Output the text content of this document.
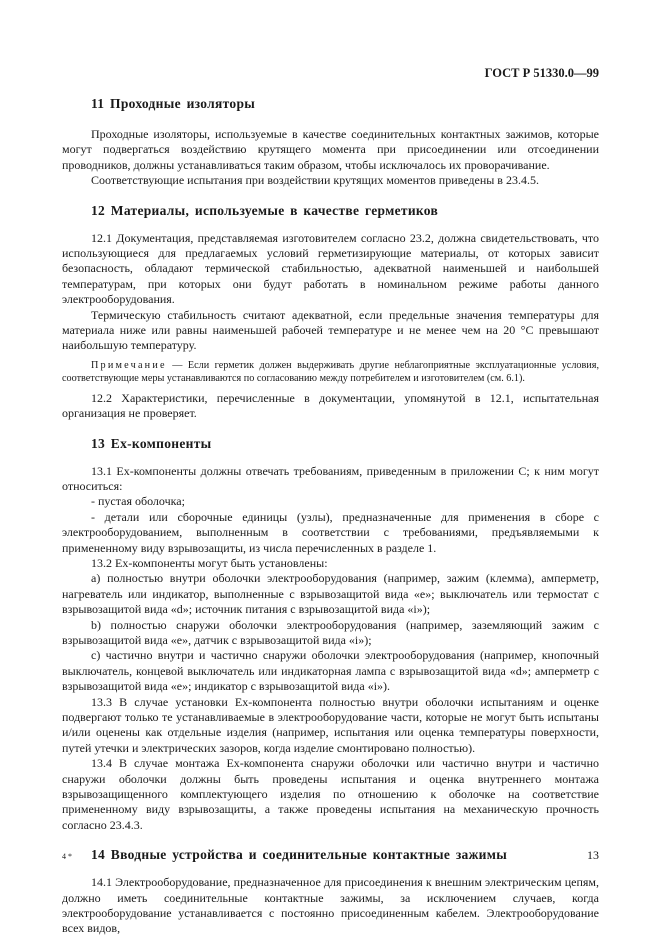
ГОСТ Р 51330.0—99
11 Проходные изоляторы

Проходные изоляторы, используемые в качестве соединительных контактных зажимов, которые могут подвергаться воздействию крутящего момента при присоединении или отсоединении проводников, должны устанавливаться таким образом, чтобы исключалось их проворачивание.

Соответствующие испытания при воздействии крутящих моментов приведены в 23.4.5.

12 Материалы, используемые в качестве герметиков

12.1 Документация, представляемая изготовителем согласно 23.2, должна свидетельствовать, что использующиеся для предлагаемых условий герметизирующие материалы, от которых зависит безопасность, обладают термической стабильностью, адекватной наименьшей и наибольшей температурам, при которых они будут работать в номинальном режиме работы данного электрооборудования.

Термическую стабильность считают адекватной, если предельные значения температуры для материала ниже или равны наименьшей рабочей температуре и не менее чем на 20 °С превышают наибольшую температуру.

Примечание — Если герметик должен выдерживать другие неблагоприятные эксплуатационные условия, соответствующие меры устанавливаются по согласованию между потребителем и изготовителем (см. 6.1).

12.2 Характеристики, перечисленные в документации, упомянутой в 12.1, испытательная организация не проверяет.

13 Ex-компоненты

13.1 Ex-компоненты должны отвечать требованиям, приведенным в приложении С; к ним могут относиться:

- пустая оболочка;

- детали или сборочные единицы (узлы), предназначенные для применения в сборе с электрооборудованием, выполненным в соответствии с требованиями, предъявляемыми к примененному виду взрывозащиты, из числа перечисленных в разделе 1.

13.2 Ex-компоненты могут быть установлены:

а) полностью внутри оболочки электрооборудования (например, зажим (клемма), амперметр, нагреватель или индикатор, выполненные с взрывозащитой вида «е»; выключатель или термостат с взрывозащитой вида «d»; источник питания с взрывозащитой вида «i»);

b) полностью снаружи оболочки электрооборудования (например, заземляющий зажим с взрывозащитой вида «е», датчик с взрывозащитой вида «i»);

с) частично внутри и частично снаружи оболочки электрооборудования (например, кнопочный выключатель, концевой выключатель или индикаторная лампа с взрывозащитой вида «d»; амперметр с взрывозащитой вида «е»; индикатор с взрывозащитой вида «i»).

13.3 В случае установки Ex-компонента полностью внутри оболочки испытаниям и оценке подвергают только те устанавливаемые в электрооборудование части, которые не могут быть испытаны и/или оценены как отдельные изделия (например, испытания или оценка температуры поверхности, путей утечки и электрических зазоров, когда изделие смонтировано полностью).

13.4 В случае монтажа Ex-компонента снаружи оболочки или частично внутри и частично снаружи оболочки должны быть проведены испытания и оценка внутреннего монтажа взрывозащищенного комплектующего изделия по отношению к оболочке на соответствие примененному виду взрывозащиты, а также проведены испытания на механическую прочность согласно 23.4.3.

14 Вводные устройства и соединительные контактные зажимы

14.1 Электрооборудование, предназначенное для присоединения к внешним электрическим цепям, должно иметь соединительные контактные зажимы, за исключением случаев, когда электрооборудование устанавливается с постоянно присоединенным кабелем. Электрооборудование всех видов,

4 *	13
